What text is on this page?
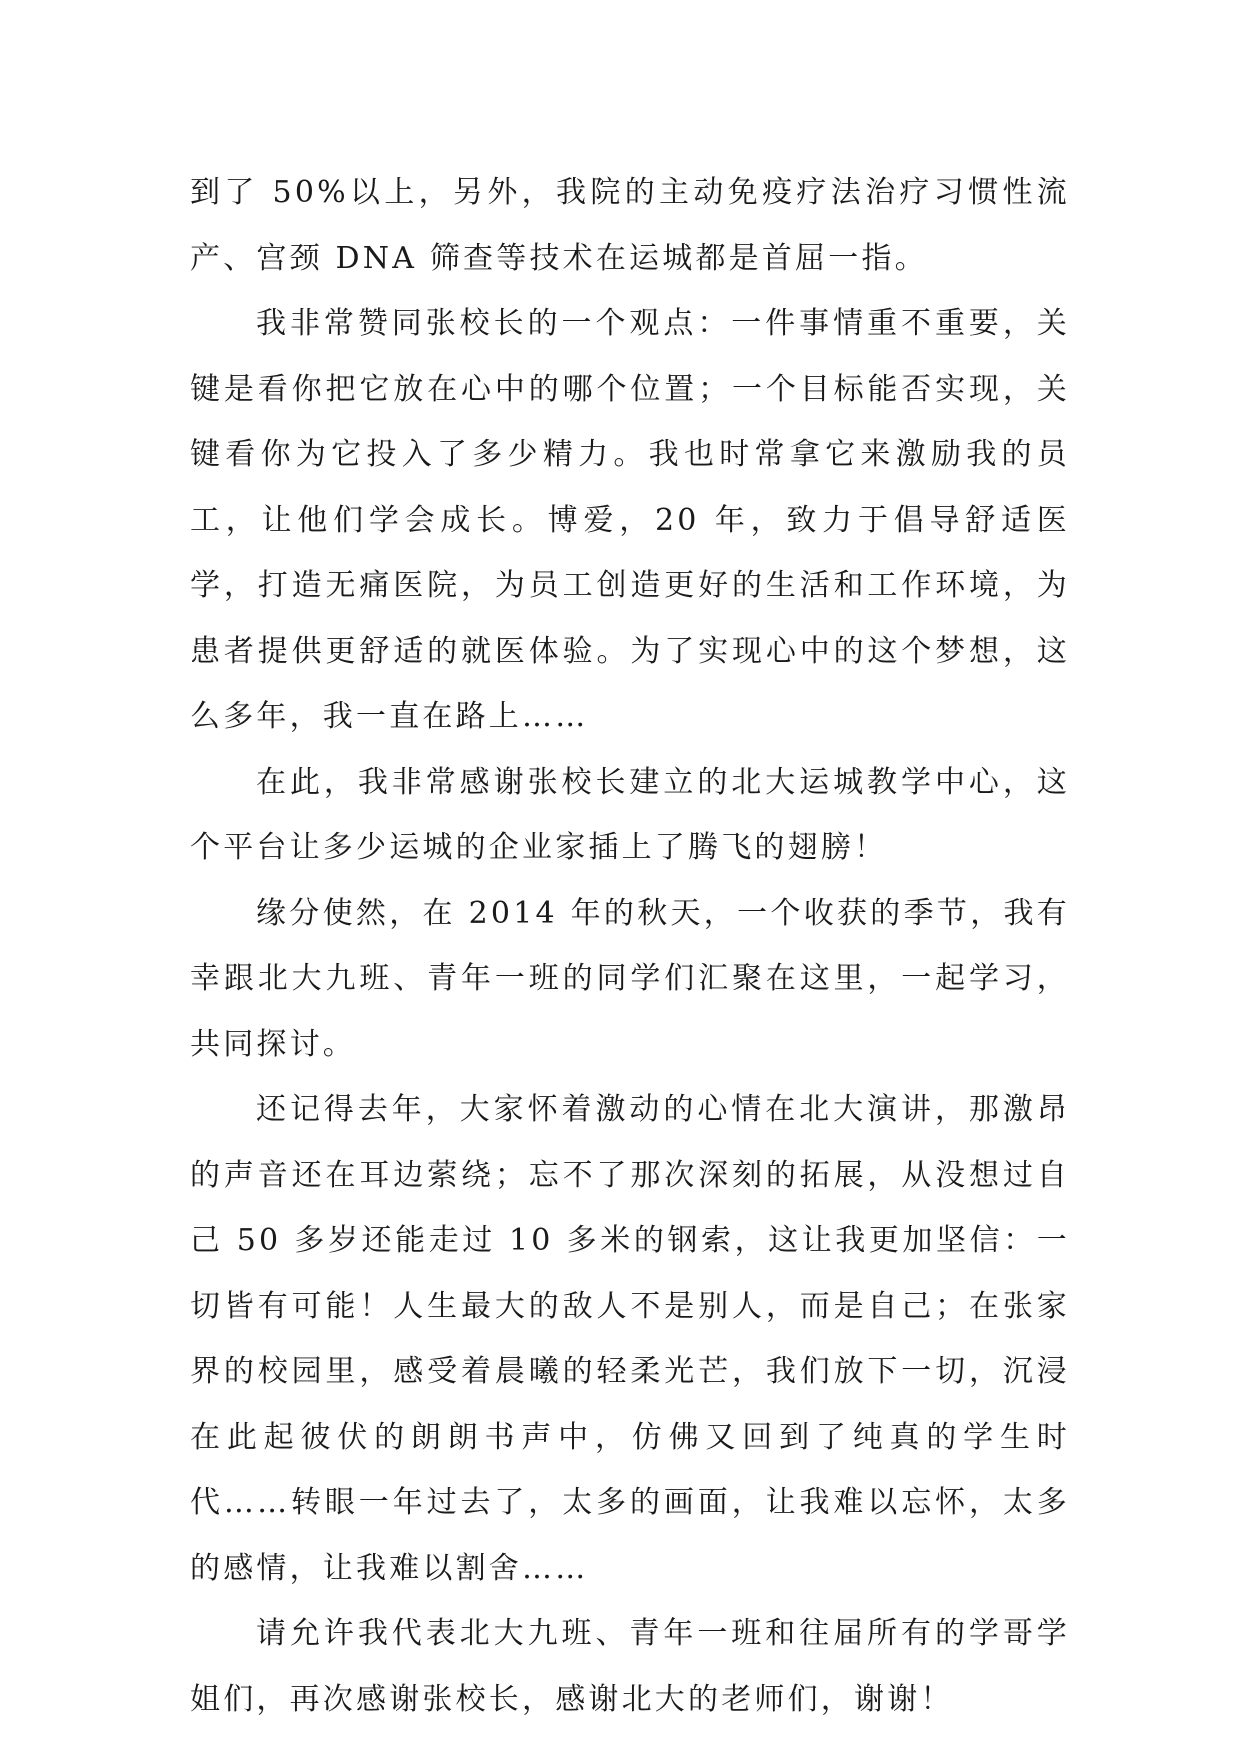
到了 50%以上，另外，我院的主动免疫疗法治疗习惯性流产、宫颈 DNA 筛查等技术在运城都是首屈一指。

我非常赞同张校长的一个观点：一件事情重不重要，关键是看你把它放在心中的哪个位置；一个目标能否实现，关键看你为它投入了多少精力。我也时常拿它来激励我的员工，让他们学会成长。博爱，20 年，致力于倡导舒适医学，打造无痛医院，为员工创造更好的生活和工作环境，为患者提供更舒适的就医体验。为了实现心中的这个梦想，这么多年，我一直在路上……

在此，我非常感谢张校长建立的北大运城教学中心，这个平台让多少运城的企业家插上了腾飞的翅膀！

缘分使然，在 2014 年的秋天，一个收获的季节，我有幸跟北大九班、青年一班的同学们汇聚在这里，一起学习，共同探讨。

还记得去年，大家怀着激动的心情在北大演讲，那激昂的声音还在耳边萦绕；忘不了那次深刻的拓展，从没想过自己 50 多岁还能走过 10 多米的钢索，这让我更加坚信：一切皆有可能！人生最大的敌人不是别人，而是自己；在张家界的校园里，感受着晨曦的轻柔光芒，我们放下一切，沉浸在此起彼伏的朗朗书声中，仿佛又回到了纯真的学生时代……转眼一年过去了，太多的画面，让我难以忘怀，太多的感情，让我难以割舍……

请允许我代表北大九班、青年一班和往届所有的学哥学姐们，再次感谢张校长，感谢北大的老师们，谢谢！
